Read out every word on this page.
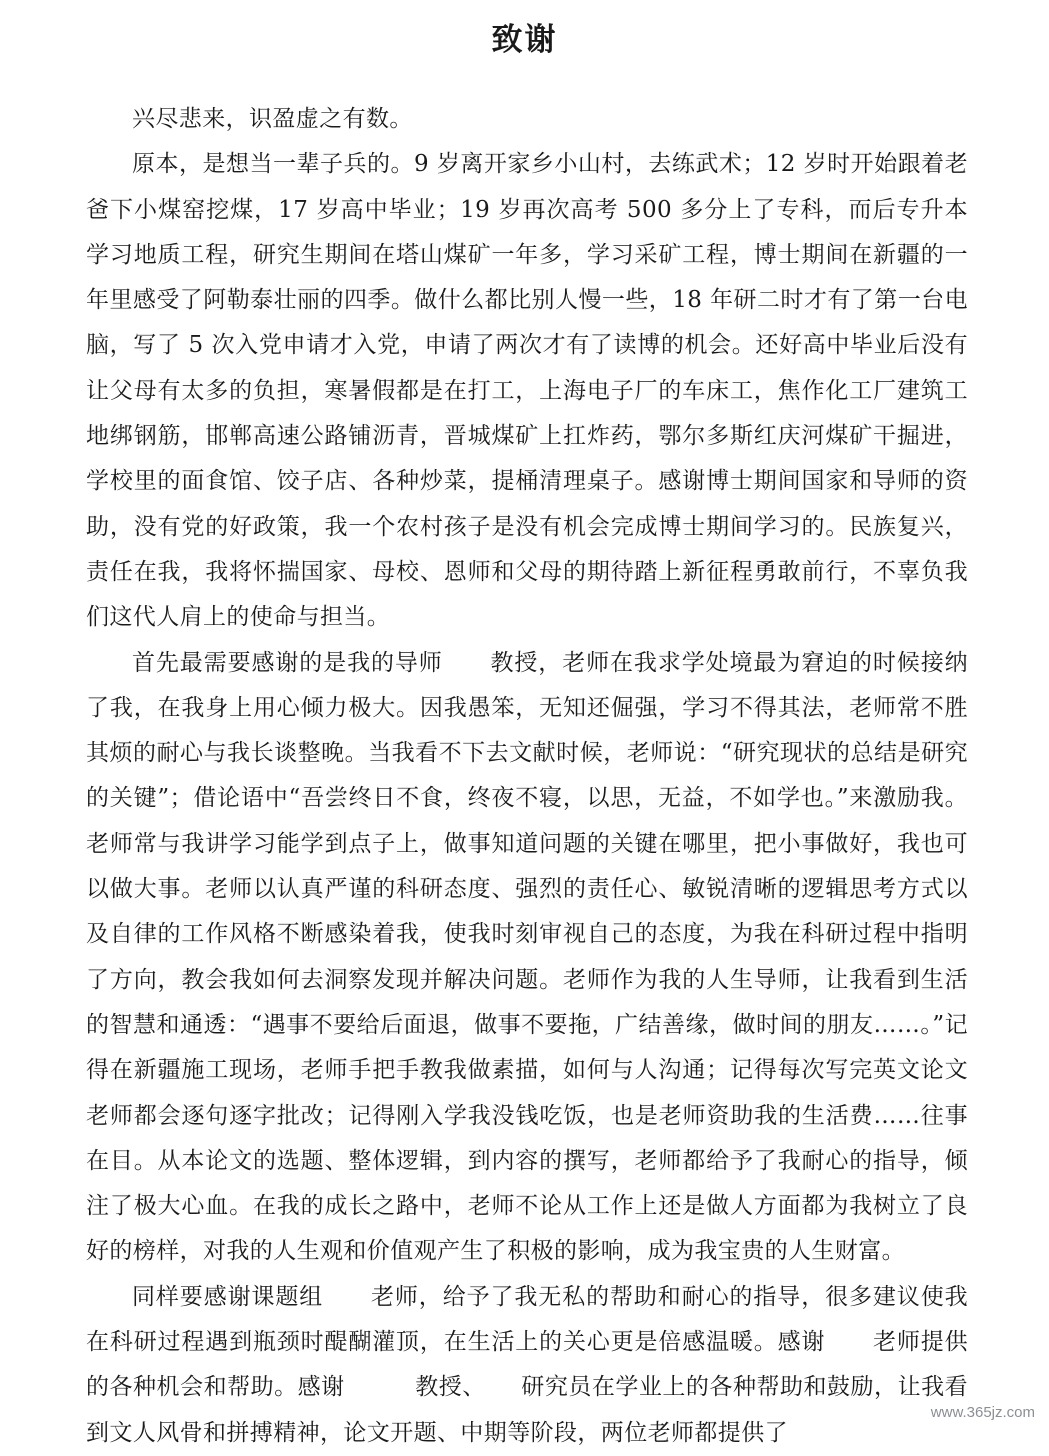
致谢

兴尽悲来，识盈虚之有数。

原本，是想当一辈子兵的。9 岁离开家乡小山村，去练武术；12 岁时开始跟着老爸下小煤窑挖煤，17 岁高中毕业；19 岁再次高考 500 多分上了专科，而后专升本学习地质工程，研究生期间在塔山煤矿一年多，学习采矿工程，博士期间在新疆的一年里感受了阿勒泰壮丽的四季。做什么都比别人慢一些，18 年研二时才有了第一台电脑，写了 5 次入党申请才入党，申请了两次才有了读博的机会。还好高中毕业后没有让父母有太多的负担，寒暑假都是在打工，上海电子厂的车床工，焦作化工厂建筑工地绑钢筋，邯郸高速公路铺沥青，晋城煤矿上扛炸药，鄂尔多斯红庆河煤矿干掘进，学校里的面食馆、饺子店、各种炒菜，提桶清理桌子。感谢博士期间国家和导师的资助，没有党的好政策，我一个农村孩子是没有机会完成博士期间学习的。民族复兴，责任在我，我将怀揣国家、母校、恩师和父母的期待踏上新征程勇敢前行，不辜负我们这代人肩上的使命与担当。

首先最需要感谢的是我的导师　　教授，老师在我求学处境最为窘迫的时候接纳了我，在我身上用心倾力极大。因我愚笨，无知还倔强，学习不得其法，老师常不胜其烦的耐心与我长谈整晚。当我看不下去文献时候，老师说：“研究现状的总结是研究的关键”；借论语中“吾尝终日不食，终夜不寝，以思，无益，不如学也。”来激励我。老师常与我讲学习能学到点子上，做事知道问题的关键在哪里，把小事做好，我也可以做大事。老师以认真严谨的科研态度、强烈的责任心、敏锐清晰的逻辑思考方式以及自律的工作风格不断感染着我，使我时刻审视自己的态度，为我在科研过程中指明了方向，教会我如何去洞察发现并解决问题。老师作为我的人生导师，让我看到生活的智慧和通透：“遇事不要给后面退，做事不要拖，广结善缘，做时间的朋友……。”记得在新疆施工现场，老师手把手教我做素描，如何与人沟通；记得每次写完英文论文老师都会逐句逐字批改；记得刚入学我没钱吃饭，也是老师资助我的生活费……往事在目。从本论文的选题、整体逻辑，到内容的撰写，老师都给予了我耐心的指导，倾注了极大心血。在我的成长之路中，老师不论从工作上还是做人方面都为我树立了良好的榜样，对我的人生观和价值观产生了积极的影响，成为我宝贵的人生财富。

同样要感谢课题组　　老师，给予了我无私的帮助和耐心的指导，很多建议使我在科研过程遇到瓶颈时醍醐灌顶，在生活上的关心更是倍感温暖。感谢　　老师提供的各种机会和帮助。感谢　　　教授、　　研究员在学业上的各种帮助和鼓励，让我看到文人风骨和拼搏精神，论文开题、中期等阶段，两位老师都提供了

www.365jz.com
